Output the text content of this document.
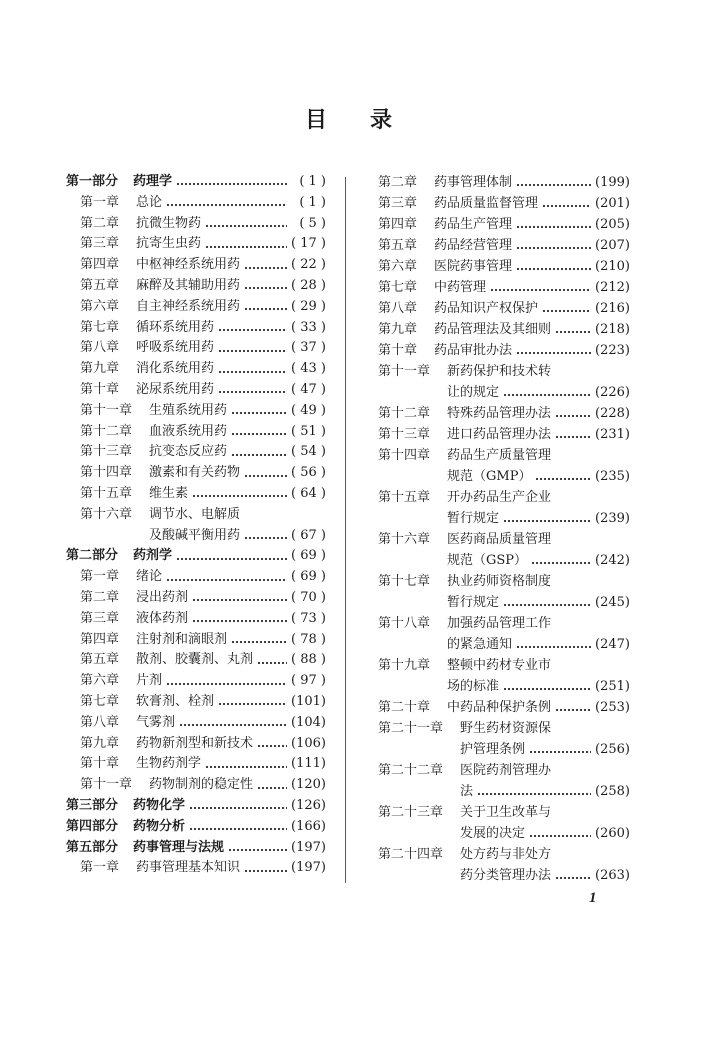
目录
第一部分 药理学	( 1 )
第一章 总论	( 1 )
第二章 抗微生物药	( 5 )
第三章 抗寄生虫药	( 17 )
第四章 中枢神经系统用药	( 22 )
第五章 麻醉及其辅助用药	( 28 )
第六章 自主神经系统用药	( 29 )
第七章 循环系统用药	( 33 )
第八章 呼吸系统用药	( 37 )
第九章 消化系统用药	( 43 )
第十章 泌尿系统用药	( 47 )
第十一章 生殖系统用药	( 49 )
第十二章 血液系统用药	( 51 )
第十三章 抗变态反应药	( 54 )
第十四章 激素和有关药物	( 56 )
第十五章 维生素	( 64 )
第十六章 调节水、电解质
及酸碱平衡用药	( 67 )
第二部分 药剂学	( 69 )
第一章 绪论	( 69 )
第二章 浸出药剂	( 70 )
第三章 液体药剂	( 73 )
第四章 注射剂和滴眼剂	( 78 )
第五章 散剂、胶囊剂、丸剂	( 88 )
第六章 片剂	( 97 )
第七章 软膏剂、栓剂	(101)
第八章 气雾剂	(104)
第九章 药物新剂型和新技术	(106)
第十章 生物药剂学	(111)
第十一章 药物制剂的稳定性	(120)
第三部分 药物化学	(126)
第四部分 药物分析	(166)
第五部分 药事管理与法规	(197)
第一章 药事管理基本知识	(197)
第二章 药事管理体制	(199)
第三章 药品质量监督管理	(201)
第四章 药品生产管理	(205)
第五章 药品经营管理	(207)
第六章 医院药事管理	(210)
第七章 中药管理	(212)
第八章 药品知识产权保护	(216)
第九章 药品管理法及其细则	(218)
第十章 药品审批办法	(223)
第十一章 新药保护和技术转
让的规定	(226)
第十二章 特殊药品管理办法	(228)
第十三章 进口药品管理办法	(231)
第十四章 药品生产质量管理
规范（GMP）	(235)
第十五章 开办药品生产企业
暂行规定	(239)
第十六章 医药商品质量管理
规范（GSP）	(242)
第十七章 执业药师资格制度
暂行规定	(245)
第十八章 加强药品管理工作
的紧急通知	(247)
第十九章 整顿中药材专业市
场的标准	(251)
第二十章 中药品种保护条例	(253)
第二十一章 野生药材资源保
护管理条例	(256)
第二十二章 医院药剂管理办
法	(258)
第二十三章 关于卫生改革与
发展的决定	(260)
第二十四章 处方药与非处方
药分类管理办法	(263)
1
